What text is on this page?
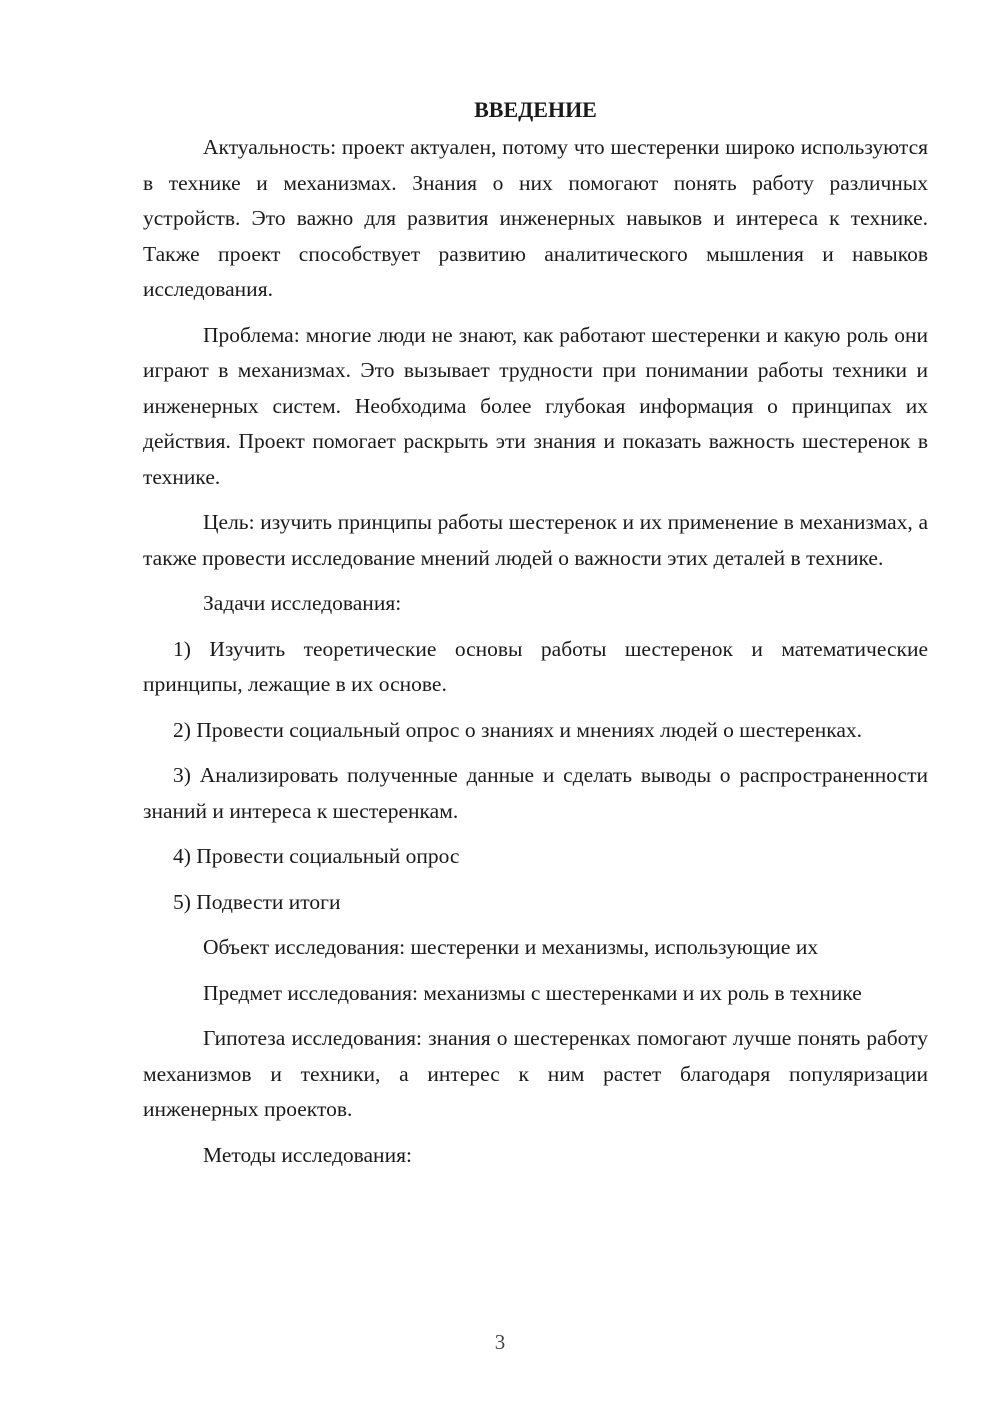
ВВЕДЕНИЕ

Актуальность: проект актуален, потому что шестеренки широко используются в технике и механизмах. Знания о них помогают понять работу различных устройств. Это важно для развития инженерных навыков и интереса к технике. Также проект способствует развитию аналитического мышления и навыков исследования.

Проблема: многие люди не знают, как работают шестеренки и какую роль они играют в механизмах. Это вызывает трудности при понимании работы техники и инженерных систем. Необходима более глубокая информация о принципах их действия. Проект помогает раскрыть эти знания и показать важность шестеренок в технике.

Цель: изучить принципы работы шестеренок и их применение в механизмах, а также провести исследование мнений людей о важности этих деталей в технике.

Задачи исследования:

1) Изучить теоретические основы работы шестеренок и математические принципы, лежащие в их основе.

2) Провести социальный опрос о знаниях и мнениях людей о шестеренках.

3) Анализировать полученные данные и сделать выводы о распространенности знаний и интереса к шестеренкам.

4) Провести социальный опрос

5) Подвести итоги

Объект исследования: шестеренки и механизмы, использующие их

Предмет исследования: механизмы с шестеренками и их роль в технике

Гипотеза исследования: знания о шестеренках помогают лучше понять работу механизмов и техники, а интерес к ним растет благодаря популяризации инженерных проектов.

Методы исследования:

3
